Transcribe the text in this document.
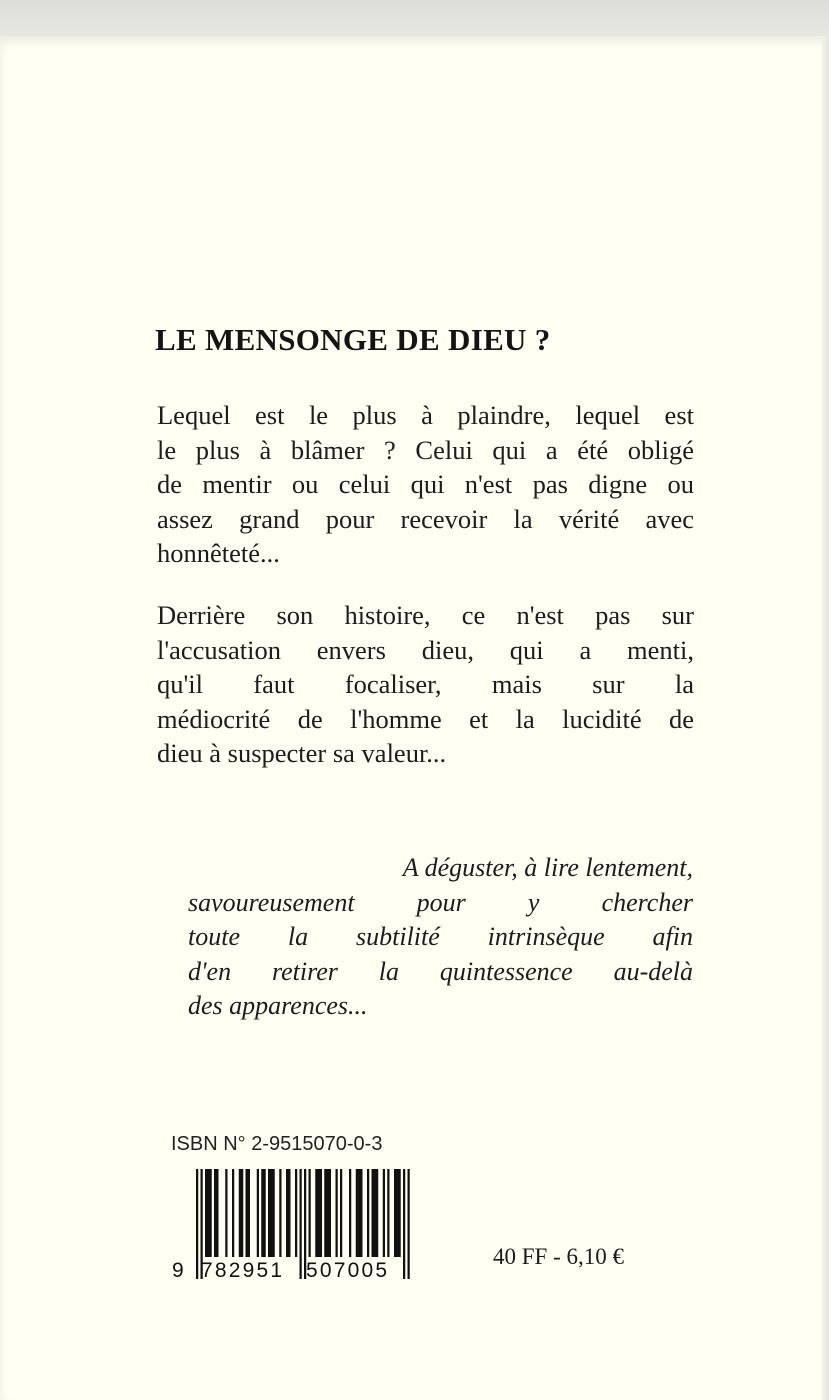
LE MENSONGE DE DIEU ?

Lequel est le plus à plaindre, lequel est
le plus à blâmer ? Celui qui a été obligé
de mentir ou celui qui n'est pas digne ou
assez grand pour recevoir la vérité avec
honnêteté...

Derrière son histoire, ce n'est pas sur
l'accusation envers dieu, qui a menti,
qu'il faut focaliser, mais sur la
médiocrité de l'homme et la lucidité de
dieu à suspecter sa valeur...

A déguster, à lire lentement,
savoureusement pour y chercher
toute la subtilité intrinsèque afin
d'en retirer la quintessence au-delà
des apparences...

ISBN N° 2-9515070-0-3

9 782951 507005

40 FF - 6,10 €
